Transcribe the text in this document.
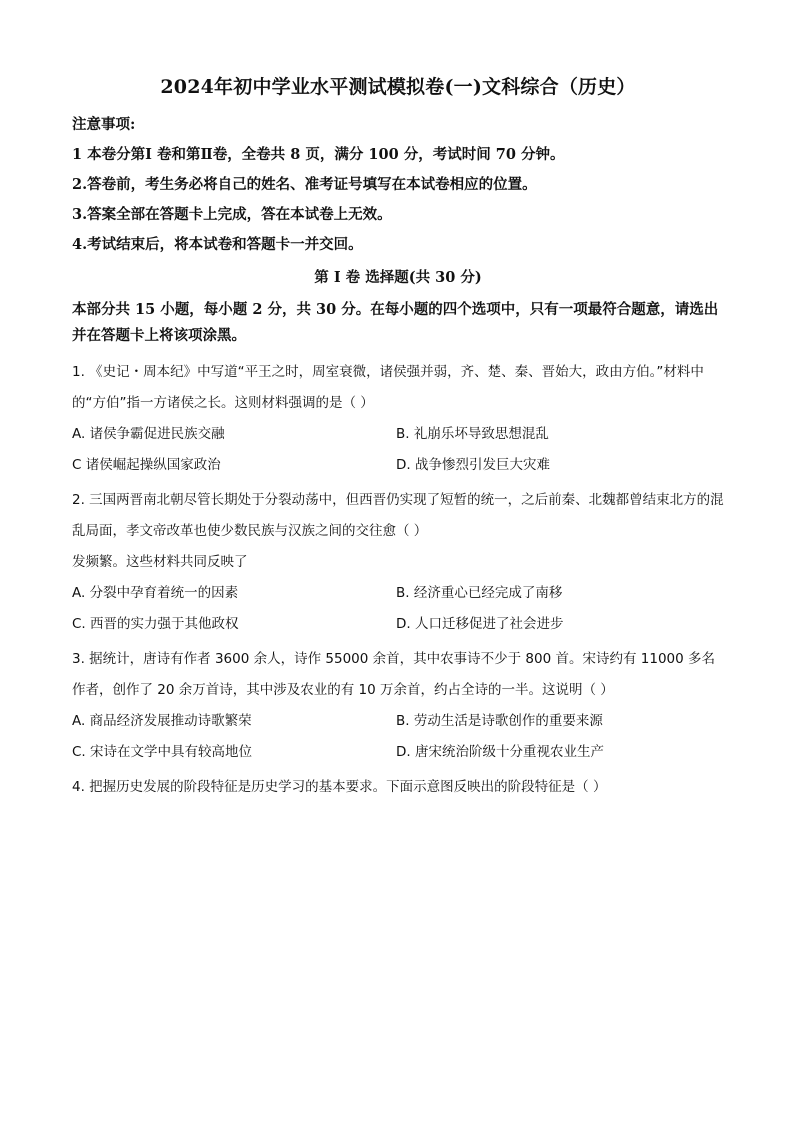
2024年初中学业水平测试模拟卷(一)文科综合（历史）
注意事项:
1 本卷分第Ⅰ 卷和第Ⅱ卷，全卷共 8 页，满分 100 分，考试时间 70 分钟。
2.答卷前，考生务必将自己的姓名、准考证号填写在本试卷相应的位置。
3.答案全部在答题卡上完成，答在本试卷上无效。
4.考试结束后，将本试卷和答题卡一并交回。
第 Ⅰ 卷 选择题(共 30 分)
本部分共 15 小题，每小题 2 分，共 30 分。在每小题的四个选项中，只有一项最符合题意，请选出并在答题卡上将该项涂黑。

1. 《史记・周本纪》中写道“平王之时，周室衰微，诸侯强并弱，齐、楚、秦、晋始大，政由方伯。”材料中的“方伯”指一方诸侯之长。这则材料强调的是（ ）

A. 诸侯争霸促进民族交融	B. 礼崩乐坏导致思想混乱
C 诸侯崛起操纵国家政治	D. 战争惨烈引发巨大灾难

2. 三国两晋南北朝尽管长期处于分裂动荡中，但西晋仍实现了短暂的统一，之后前秦、北魏都曾结束北方的混乱局面，孝文帝改革也使少数民族与汉族之间的交往愈（ ）

发频繁。这些材料共同反映了

A. 分裂中孕育着统一的因素	B. 经济重心已经完成了南移
C. 西晋的实力强于其他政权	D. 人口迁移促进了社会进步

3. 据统计，唐诗有作者 3600 余人，诗作 55000 余首，其中农事诗不少于 800 首。宋诗约有 11000 多名作者，创作了 20 余万首诗，其中涉及农业的有 10 万余首，约占全诗的一半。这说明（ ）

A. 商品经济发展推动诗歌繁荣	B. 劳动生活是诗歌创作的重要来源
C. 宋诗在文学中具有较高地位	D. 唐宋统治阶级十分重视农业生产

4. 把握历史发展的阶段特征是历史学习的基本要求。下面示意图反映出的阶段特征是（ ）
